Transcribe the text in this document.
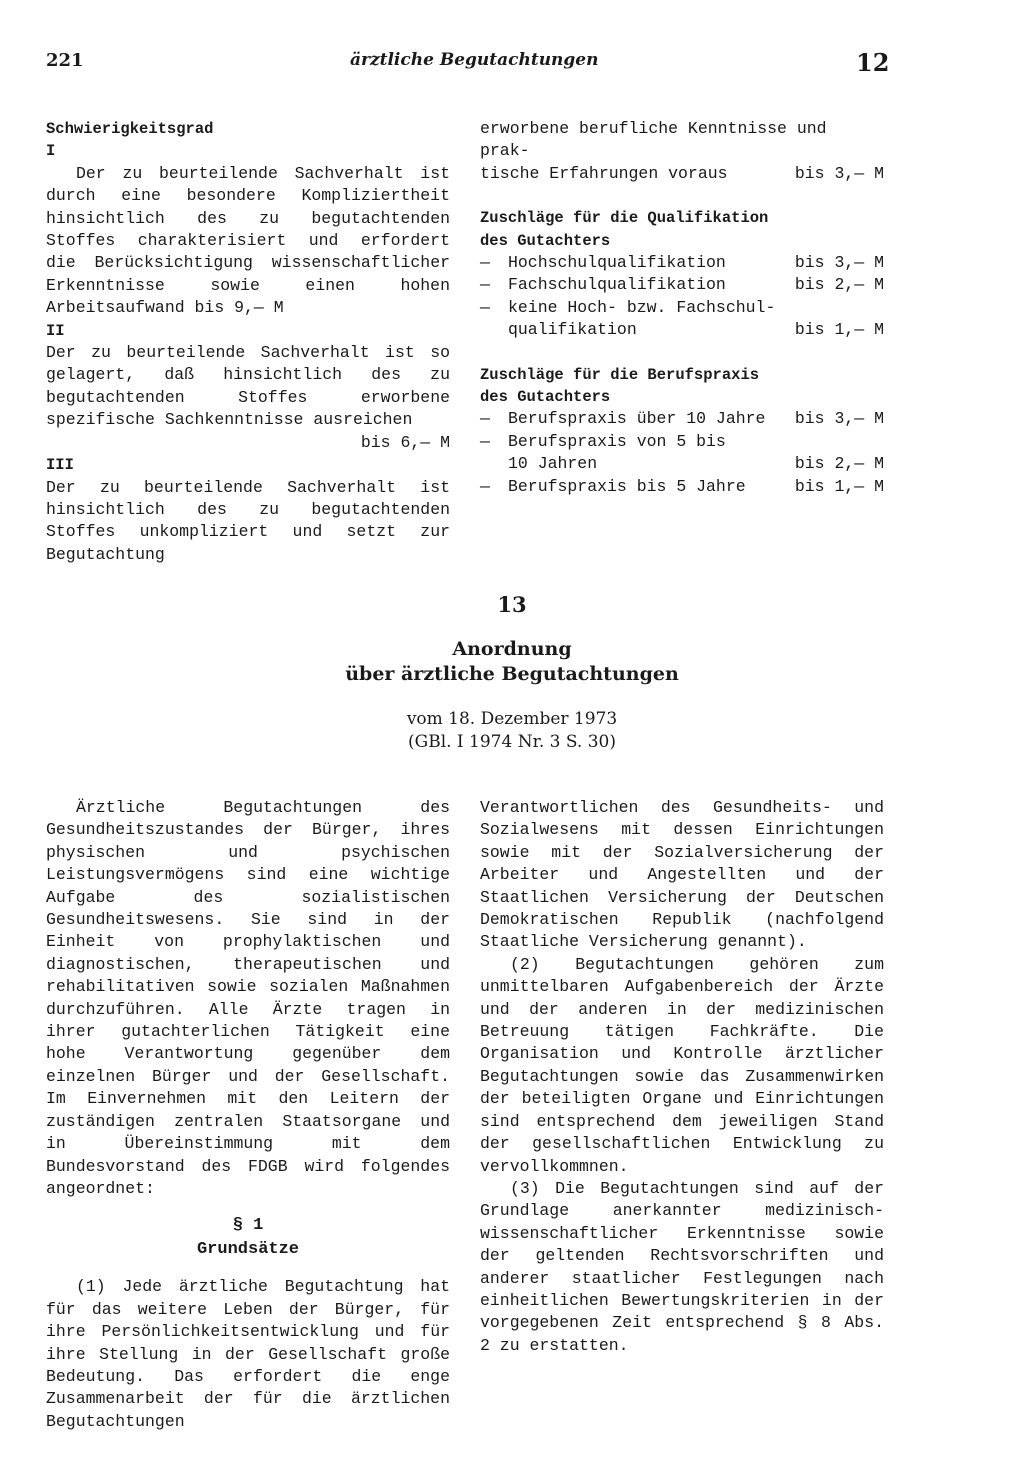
221	ärztliche Begutachtungen	12
Schwierigkeitsgrad
I
Der zu beurteilende Sachverhalt ist durch eine besondere Kompliziertheit hinsichtlich des zu begutachtenden Stoffes charakterisiert und erfordert die Berücksichtigung wissenschaftlicher Erkenntnisse sowie einen hohen Arbeitsaufwand bis 9,— M
II
Der zu beurteilende Sachverhalt ist so gelagert, daß hinsichtlich des zu begutachtenden Stoffes erworbene spezifische Sachkenntnisse ausreichen
bis 6,— M
III
Der zu beurteilende Sachverhalt ist hinsichtlich des zu begutachtenden Stoffes unkompliziert und setzt zur Begutachtung
erworbene berufliche Kenntnisse und prak-
tische Erfahrungen voraus	bis 3,— M
Zuschläge für die Qualifikation
des Gutachters
—	Hochschulqualifikation	bis 3,— M
—	Fachschulqualifikation	bis 2,— M
—	keine Hoch- bzw. Fachschul-
qualifikation	bis 1,— M
Zuschläge für die Berufspraxis
des Gutachters
—	Berufspraxis über 10 Jahre	bis 3,— M
—	Berufspraxis von 5 bis
10 Jahren	bis 2,— M
—	Berufspraxis bis 5 Jahre	bis 1,— M
13
Anordnung
über ärztliche Begutachtungen
vom 18. Dezember 1973
(GBl. I 1974 Nr. 3 S. 30)
Ärztliche Begutachtungen des Gesundheitszustandes der Bürger, ihres physischen und psychischen Leistungsvermögens sind eine wichtige Aufgabe des sozialistischen Gesundheitswesens. Sie sind in der Einheit von prophylaktischen und diagnostischen, therapeutischen und rehabilitativen sowie sozialen Maßnahmen durchzuführen. Alle Ärzte tragen in ihrer gutachterlichen Tätigkeit eine hohe Verantwortung gegenüber dem einzelnen Bürger und der Gesellschaft. Im Einvernehmen mit den Leitern der zuständigen zentralen Staatsorgane und in Übereinstimmung mit dem Bundesvorstand des FDGB wird folgendes angeordnet:
§ 1
Grundsätze
(1) Jede ärztliche Begutachtung hat für das weitere Leben der Bürger, für ihre Persönlichkeitsentwicklung und für ihre Stellung in der Gesellschaft große Bedeutung. Das erfordert die enge Zusammenarbeit der für die ärztlichen Begutachtungen
Verantwortlichen des Gesundheits- und Sozialwesens mit dessen Einrichtungen sowie mit der Sozialversicherung der Arbeiter und Angestellten und der Staatlichen Versicherung der Deutschen Demokratischen Republik (nachfolgend Staatliche Versicherung genannt).
(2) Begutachtungen gehören zum unmittelbaren Aufgabenbereich der Ärzte und der anderen in der medizinischen Betreuung tätigen Fachkräfte. Die Organisation und Kontrolle ärztlicher Begutachtungen sowie das Zusammenwirken der beteiligten Organe und Einrichtungen sind entsprechend dem jeweiligen Stand der gesellschaftlichen Entwicklung zu vervollkommnen.
(3) Die Begutachtungen sind auf der Grundlage anerkannter medizinisch-wissenschaftlicher Erkenntnisse sowie der geltenden Rechtsvorschriften und anderer staatlicher Festlegungen nach einheitlichen Bewertungskriterien in der vorgegebenen Zeit entsprechend § 8 Abs. 2 zu erstatten.
